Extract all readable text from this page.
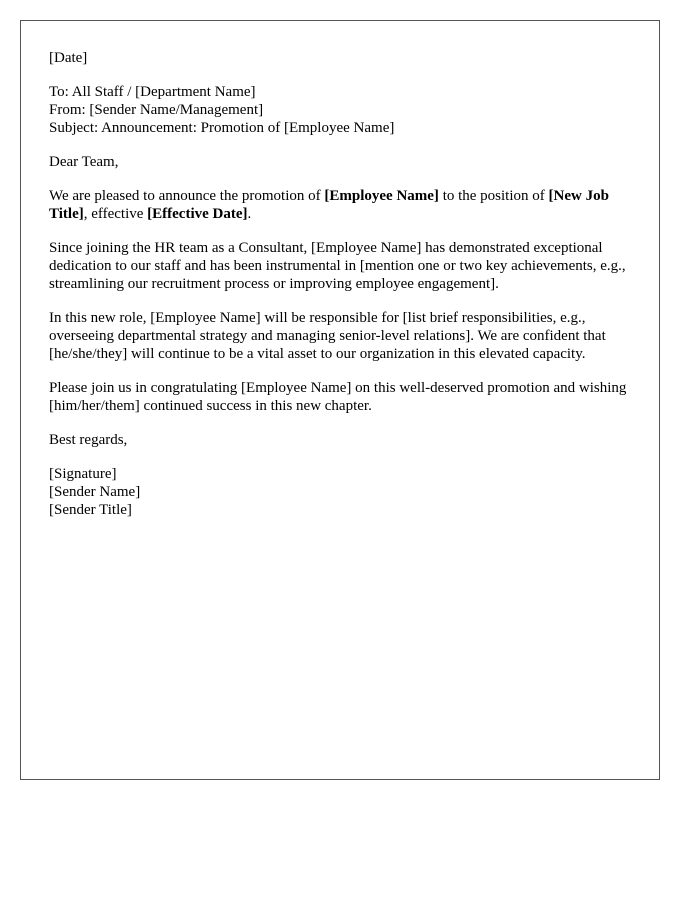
[Date]
To: All Staff / [Department Name]
From: [Sender Name/Management]
Subject: Announcement: Promotion of [Employee Name]

Dear Team,

We are pleased to announce the promotion of [Employee Name] to the position of [New Job Title], effective [Effective Date].

Since joining the HR team as a Consultant, [Employee Name] has demonstrated exceptional dedication to our staff and has been instrumental in [mention one or two key achievements, e.g., streamlining our recruitment process or improving employee engagement].

In this new role, [Employee Name] will be responsible for [list brief responsibilities, e.g., overseeing departmental strategy and managing senior-level relations]. We are confident that [he/she/they] will continue to be a vital asset to our organization in this elevated capacity.

Please join us in congratulating [Employee Name] on this well-deserved promotion and wishing [him/her/them] continued success in this new chapter.

Best regards,

[Signature]
[Sender Name]
[Sender Title]
